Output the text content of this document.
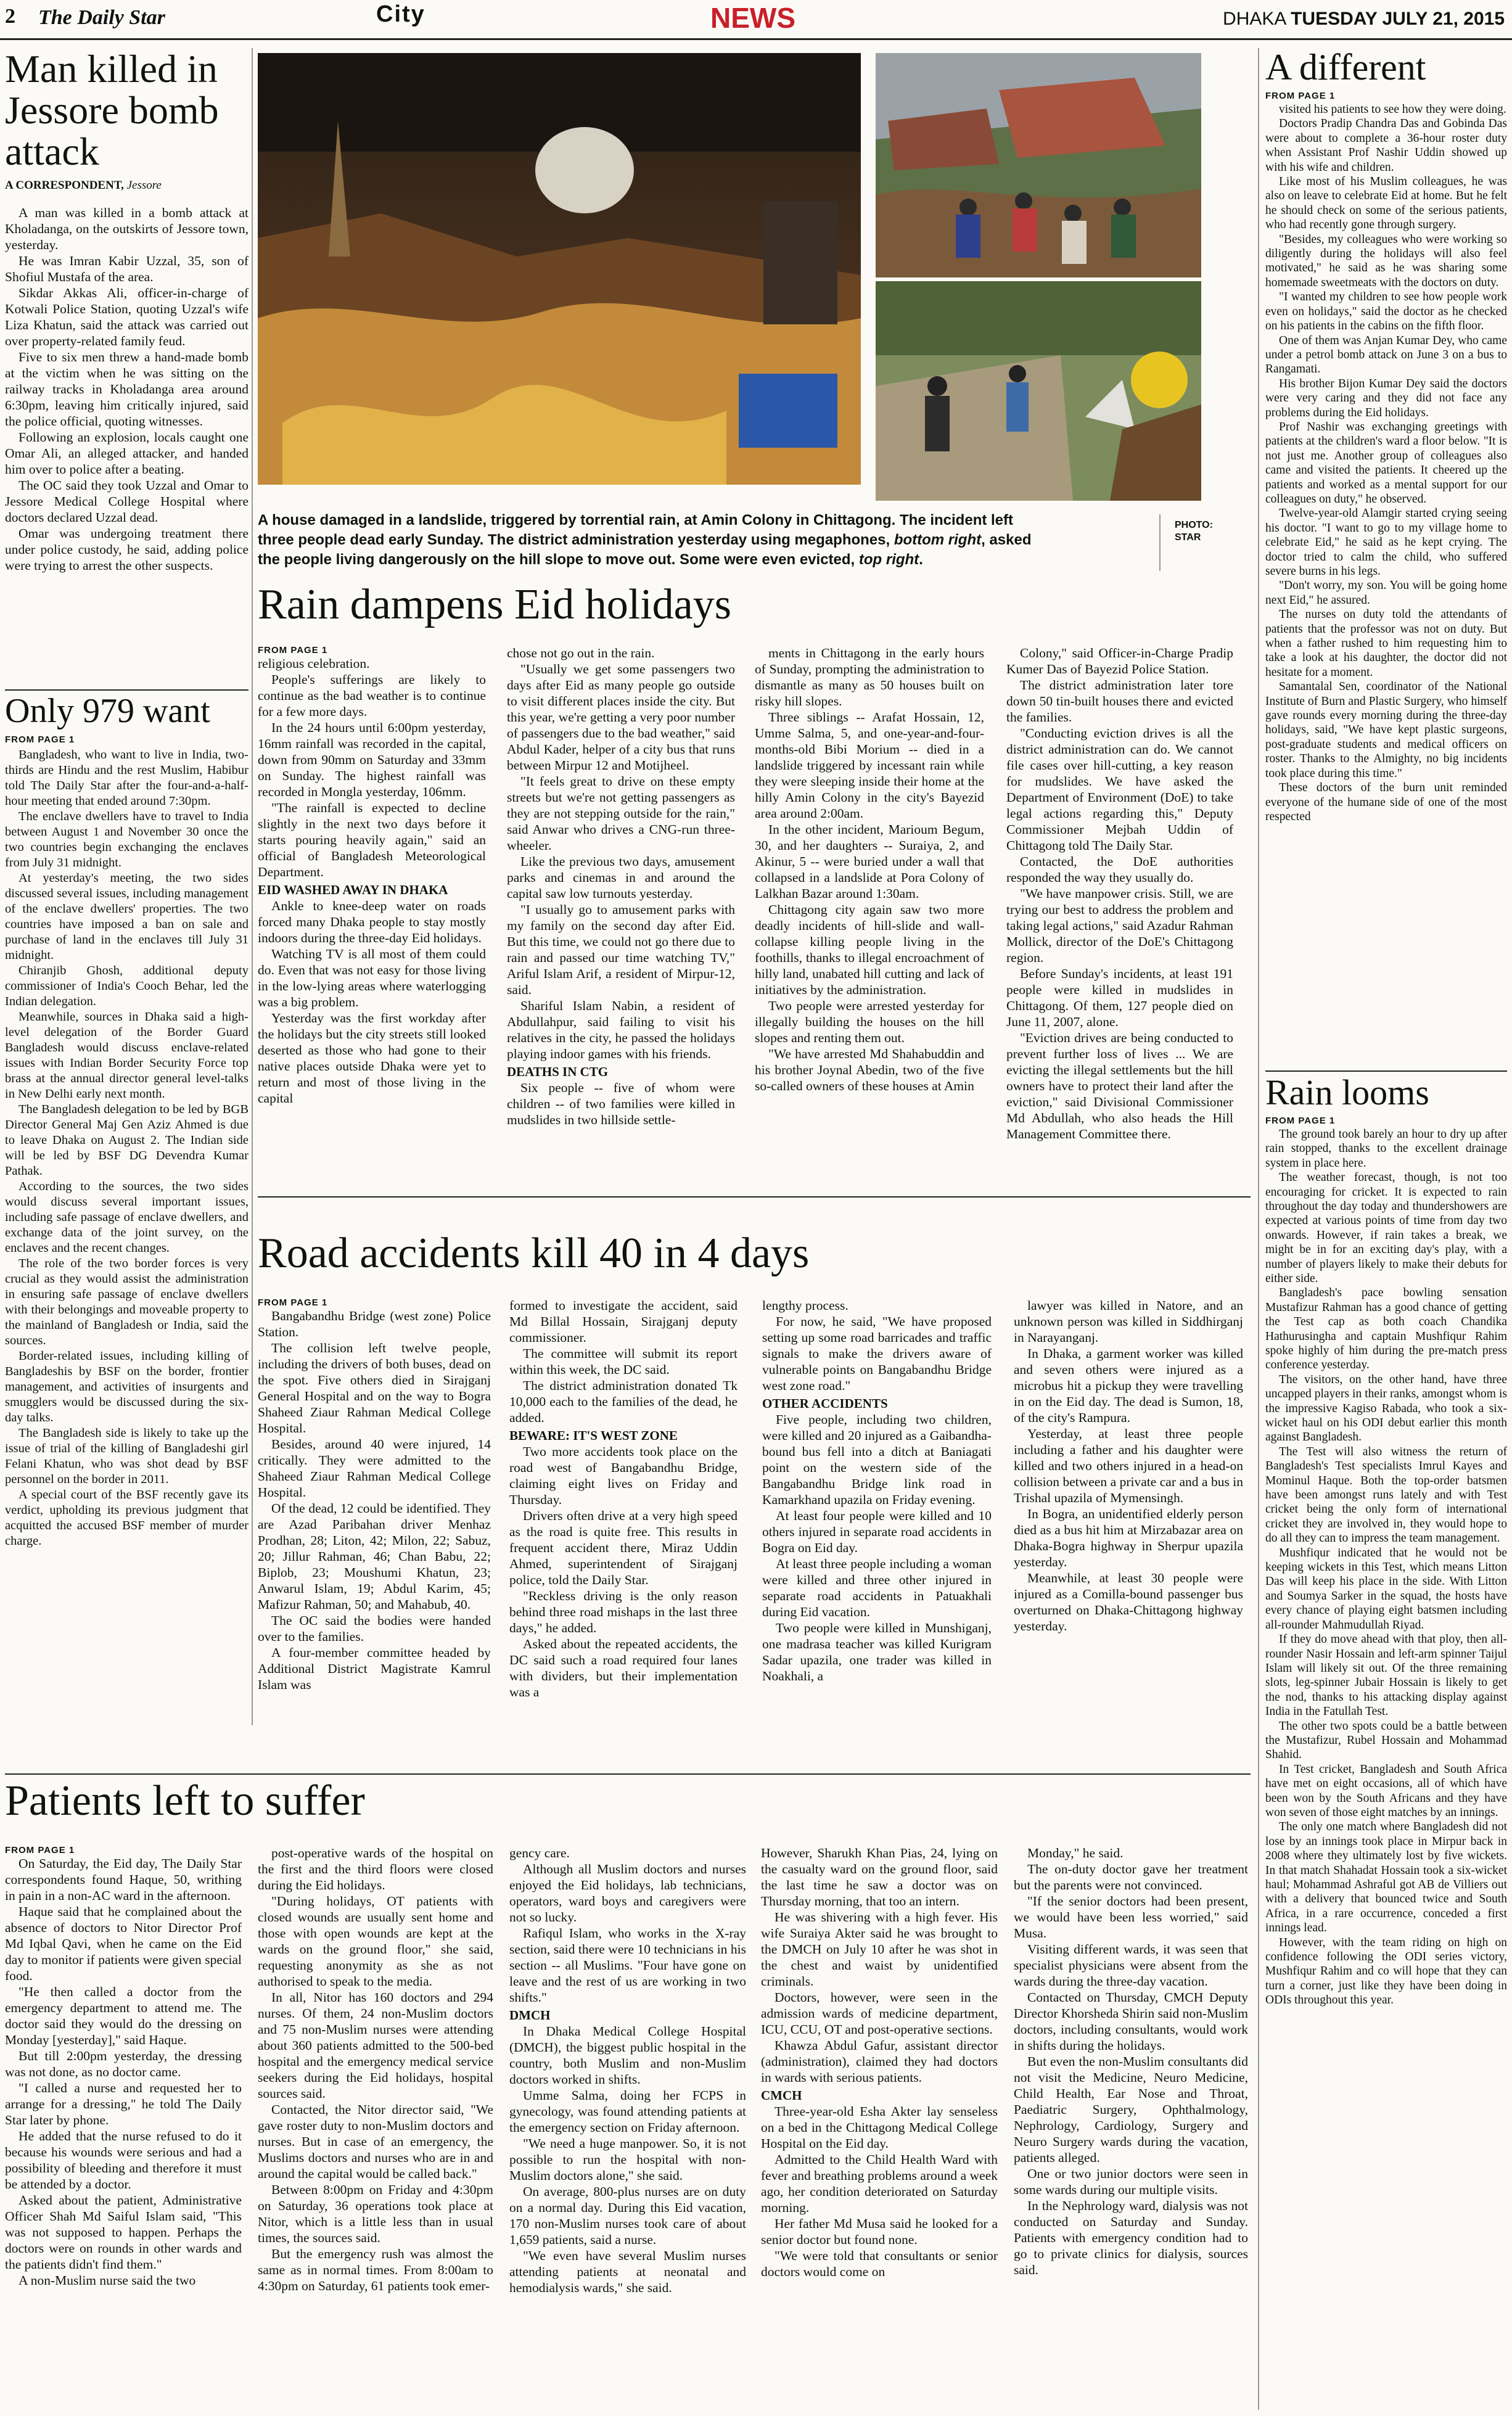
2 The Daily Star	City	NEWS	DHAKA TUESDAY JULY 21, 2015
Man killed in Jessore bomb attack
A CORRESPONDENT, Jessore

A man was killed in a bomb attack at Kholadanga, on the outskirts of Jessore town, yesterday.

He was Imran Kabir Uzzal, 35, son of Shofiul Mustafa of the area.

Sikdar Akkas Ali, officer-in-charge of Kotwali Police Station, quoting Uzzal's wife Liza Khatun, said the attack was carried out over property-related family feud.

Five to six men threw a hand-made bomb at the victim when he was sitting on the railway tracks in Kholadanga area around 6:30pm, leaving him critically injured, said the police official, quoting witnesses.

Following an explosion, locals caught one Omar Ali, an alleged attacker, and handed him over to police after a beating.

The OC said they took Uzzal and Omar to Jessore Medical College Hospital where doctors declared Uzzal dead.

Omar was undergoing treatment there under police custody, he said, adding police were trying to arrest the other suspects.

Only 979 want
FROM PAGE 1

Bangladesh, who want to live in India, two-thirds are Hindu and the rest Muslim, Habibur told The Daily Star after the four-and-a-half-hour meeting that ended around 7:30pm.

The enclave dwellers have to travel to India between August 1 and November 30 once the two countries begin exchanging the enclaves from July 31 midnight.

At yesterday's meeting, the two sides discussed several issues, including management of the enclave dwellers' properties. The two countries have imposed a ban on sale and purchase of land in the enclaves till July 31 midnight.

Chiranjib Ghosh, additional deputy commissioner of India's Cooch Behar, led the Indian delegation.

Meanwhile, sources in Dhaka said a high-level delegation of the Border Guard Bangladesh would discuss enclave-related issues with Indian Border Security Force top brass at the annual director general level-talks in New Delhi early next month.

The Bangladesh delegation to be led by BGB Director General Maj Gen Aziz Ahmed is due to leave Dhaka on August 2. The Indian side will be led by BSF DG Devendra Kumar Pathak.

According to the sources, the two sides would discuss several important issues, including safe passage of enclave dwellers, and exchange data of the joint survey, on the enclaves and the recent changes.

The role of the two border forces is very crucial as they would assist the administration in ensuring safe passage of enclave dwellers with their belongings and moveable property to the mainland of Bangladesh or India, said the sources.

Border-related issues, including killing of Bangladeshis by BSF on the border, frontier management, and activities of insurgents and smugglers would be discussed during the six-day talks.

The Bangladesh side is likely to take up the issue of trial of the killing of Bangladeshi girl Felani Khatun, who was shot dead by BSF personnel on the border in 2011.

A special court of the BSF recently gave its verdict, upholding its previous judgment that acquitted the accused BSF member of murder charge.

A house damaged in a landslide, triggered by torrential rain, at Amin Colony in Chittagong. The incident left three people dead early Sunday. The district administration yesterday using megaphones, bottom right, asked the people living dangerously on the hill slope to move out. Some were even evicted, top right.
PHOTO:
STAR
Rain dampens Eid holidays
FROM PAGE 1

religious celebration.

People's sufferings are likely to continue as the bad weather is to continue for a few more days.

In the 24 hours until 6:00pm yesterday, 16mm rainfall was recorded in the capital, down from 90mm on Saturday and 33mm on Sunday. The highest rainfall was recorded in Mongla yesterday, 106mm.

"The rainfall is expected to decline slightly in the next two days before it starts pouring heavily again," said an official of Bangladesh Meteorological Department.

EID WASHED AWAY IN DHAKA

Ankle to knee-deep water on roads forced many Dhaka people to stay mostly indoors during the three-day Eid holidays.

Watching TV is all most of them could do. Even that was not easy for those living in the low-lying areas where waterlogging was a big problem.

Yesterday was the first workday after the holidays but the city streets still looked deserted as those who had gone to their native places outside Dhaka were yet to return and most of those living in the capital

chose not go out in the rain.

"Usually we get some passengers two days after Eid as many people go outside to visit different places inside the city. But this year, we're getting a very poor number of passengers due to the bad weather," said Abdul Kader, helper of a city bus that runs between Mirpur 12 and Motijheel.

"It feels great to drive on these empty streets but we're not getting passengers as they are not stepping outside for the rain," said Anwar who drives a CNG-run three-wheeler.

Like the previous two days, amusement parks and cinemas in and around the capital saw low turnouts yesterday.

"I usually go to amusement parks with my family on the second day after Eid. But this time, we could not go there due to rain and passed our time watching TV," Ariful Islam Arif, a resident of Mirpur-12, said.

Shariful Islam Nabin, a resident of Abdullahpur, said failing to visit his relatives in the city, he passed the holidays playing indoor games with his friends.

DEATHS IN CTG

Six people -- five of whom were children -- of two families were killed in mudslides in two hillside settle-

ments in Chittagong in the early hours of Sunday, prompting the administration to dismantle as many as 50 houses built on risky hill slopes.

Three siblings -- Arafat Hossain, 12, Umme Salma, 5, and one-year-and-four-months-old Bibi Morium -- died in a landslide triggered by incessant rain while they were sleeping inside their home at the hilly Amin Colony in the city's Bayezid area around 2:00am.

In the other incident, Marioum Begum, 30, and her daughters -- Suraiya, 2, and Akinur, 5 -- were buried under a wall that collapsed in a landslide at Pora Colony of Lalkhan Bazar around 1:30am.

Chittagong city again saw two more deadly incidents of hill-slide and wall-collapse killing people living in the foothills, thanks to illegal encroachment of hilly land, unabated hill cutting and lack of initiatives by the administration.

Two people were arrested yesterday for illegally building the houses on the hill slopes and renting them out.

"We have arrested Md Shahabuddin and his brother Joynal Abedin, two of the five so-called owners of these houses at Amin

Colony," said Officer-in-Charge Pradip Kumer Das of Bayezid Police Station.

The district administration later tore down 50 tin-built houses there and evicted the families.

"Conducting eviction drives is all the district administration can do. We cannot file cases over hill-cutting, a key reason for mudslides. We have asked the Department of Environment (DoE) to take legal actions regarding this," Deputy Commissioner Mejbah Uddin of Chittagong told The Daily Star.

Contacted, the DoE authorities responded the way they usually do.

"We have manpower crisis. Still, we are trying our best to address the problem and taking legal actions," said Azadur Rahman Mollick, director of the DoE's Chittagong region.

Before Sunday's incidents, at least 191 people were killed in mudslides in Chittagong. Of them, 127 people died on June 11, 2007, alone.

"Eviction drives are being conducted to prevent further loss of lives ... We are evicting the illegal settlements but the hill owners have to protect their land after the eviction," said Divisional Commissioner Md Abdullah, who also heads the Hill Management Committee there.

Road accidents kill 40 in 4 days
FROM PAGE 1

Bangabandhu Bridge (west zone) Police Station.

The collision left twelve people, including the drivers of both buses, dead on the spot. Five others died in Sirajganj General Hospital and on the way to Bogra Shaheed Ziaur Rahman Medical College Hospital.

Besides, around 40 were injured, 14 critically. They were admitted to the Shaheed Ziaur Rahman Medical College Hospital.

Of the dead, 12 could be identified. They are Azad Paribahan driver Menhaz Prodhan, 28; Liton, 42; Milon, 22; Sabuz, 20; Jillur Rahman, 46; Chan Babu, 22; Biplob, 23; Moushumi Khatun, 23; Anwarul Islam, 19; Abdul Karim, 45; Mafizur Rahman, 50; and Mahabub, 40.

The OC said the bodies were handed over to the families.

A four-member committee headed by Additional District Magistrate Kamrul Islam was

formed to investigate the accident, said Md Billal Hossain, Sirajganj deputy commissioner.

The committee will submit its report within this week, the DC said.

The district administration donated Tk 10,000 each to the families of the dead, he added.

BEWARE: IT'S WEST ZONE

Two more accidents took place on the road west of Bangabandhu Bridge, claiming eight lives on Friday and Thursday.

Drivers often drive at a very high speed as the road is quite free. This results in frequent accident there, Miraz Uddin Ahmed, superintendent of Sirajganj police, told the Daily Star.

"Reckless driving is the only reason behind three road mishaps in the last three days," he added.

Asked about the repeated accidents, the DC said such a road required four lanes with dividers, but their implementation was a

lengthy process.

For now, he said, "We have proposed setting up some road barricades and traffic signals to make the drivers aware of vulnerable points on Bangabandhu Bridge west zone road."

OTHER ACCIDENTS

Five people, including two children, were killed and 20 injured as a Gaibandha-bound bus fell into a ditch at Baniagati point on the western side of the Bangabandhu Bridge link road in Kamarkhand upazila on Friday evening.

At least four people were killed and 10 others injured in separate road accidents in Bogra on Eid day.

At least three people including a woman were killed and three other injured in separate road accidents in Patuakhali during Eid vacation.

Two people were killed in Munshiganj, one madrasa teacher was killed Kurigram Sadar upazila, one trader was killed in Noakhali, a

lawyer was killed in Natore, and an unknown person was killed in Siddhirganj in Narayanganj.

In Dhaka, a garment worker was killed and seven others were injured as a microbus hit a pickup they were travelling in on the Eid day. The dead is Sumon, 18, of the city's Rampura.

Yesterday, at least three people including a father and his daughter were killed and two others injured in a head-on collision between a private car and a bus in Trishal upazila of Mymensingh.

In Bogra, an unidentified elderly person died as a bus hit him at Mirzabazar area on Dhaka-Bogra highway in Sherpur upazila yesterday.

Meanwhile, at least 30 people were injured as a Comilla-bound passenger bus overturned on Dhaka-Chittagong highway yesterday.

Patients left to suffer
FROM PAGE 1

On Saturday, the Eid day, The Daily Star correspondents found Haque, 50, writhing in pain in a non-AC ward in the afternoon.

Haque said that he complained about the absence of doctors to Nitor Director Prof Md Iqbal Qavi, when he came on the Eid day to monitor if patients were given special food.

"He then called a doctor from the emergency department to attend me. The doctor said they would do the dressing on Monday [yesterday]," said Haque.

But till 2:00pm yesterday, the dressing was not done, as no doctor came.

"I called a nurse and requested her to arrange for a dressing," he told The Daily Star later by phone.

He added that the nurse refused to do it because his wounds were serious and had a possibility of bleeding and therefore it must be attended by a doctor.

Asked about the patient, Administrative Officer Shah Md Saiful Islam said, "This was not supposed to happen. Perhaps the doctors were on rounds in other wards and the patients didn't find them."

A non-Muslim nurse said the two

post-operative wards of the hospital on the first and the third floors were closed during the Eid holidays.

"During holidays, OT patients with closed wounds are usually sent home and those with open wounds are kept at the wards on the ground floor," she said, requesting anonymity as she as not authorised to speak to the media.

In all, Nitor has 160 doctors and 294 nurses. Of them, 24 non-Muslim doctors and 75 non-Muslim nurses were attending about 360 patients admitted to the 500-bed hospital and the emergency medical service seekers during the Eid holidays, hospital sources said.

Contacted, the Nitor director said, "We gave roster duty to non-Muslim doctors and nurses. But in case of an emergency, the Muslims doctors and nurses who are in and around the capital would be called back."

Between 8:00pm on Friday and 4:30pm on Saturday, 36 operations took place at Nitor, which is a little less than in usual times, the sources said.

But the emergency rush was almost the same as in normal times. From 8:00am to 4:30pm on Saturday, 61 patients took emer-

gency care.

Although all Muslim doctors and nurses enjoyed the Eid holidays, lab technicians, operators, ward boys and caregivers were not so lucky.

Rafiqul Islam, who works in the X-ray section, said there were 10 technicians in his section -- all Muslims. "Four have gone on leave and the rest of us are working in two shifts."

DMCH

In Dhaka Medical College Hospital (DMCH), the biggest public hospital in the country, both Muslim and non-Muslim doctors worked in shifts.

Umme Salma, doing her FCPS in gynecology, was found attending patients at the emergency section on Friday afternoon.

"We need a huge manpower. So, it is not possible to run the hospital with non-Muslim doctors alone," she said.

On average, 800-plus nurses are on duty on a normal day. During this Eid vacation, 170 non-Muslim nurses took care of about 1,659 patients, said a nurse.

"We even have several Muslim nurses attending patients at neonatal and hemodialysis wards," she said.

However, Sharukh Khan Pias, 24, lying on the casualty ward on the ground floor, said the last time he saw a doctor was on Thursday morning, that too an intern.

He was shivering with a high fever. His wife Suraiya Akter said he was brought to the DMCH on July 10 after he was shot in the chest and waist by unidentified criminals.

Doctors, however, were seen in the admission wards of medicine department, ICU, CCU, OT and post-operative sections.

Khawza Abdul Gafur, assistant director (administration), claimed they had doctors in wards with serious patients.

CMCH

Three-year-old Esha Akter lay senseless on a bed in the Chittagong Medical College Hospital on the Eid day.

Admitted to the Child Health Ward with fever and breathing problems around a week ago, her condition deteriorated on Saturday morning.

Her father Md Musa said he looked for a senior doctor but found none.

"We were told that consultants or senior doctors would come on

Monday," he said.

The on-duty doctor gave her treatment but the parents were not convinced.

"If the senior doctors had been present, we would have been less worried," said Musa.

Visiting different wards, it was seen that specialist physicians were absent from the wards during the three-day vacation.

Contacted on Thursday, CMCH Deputy Director Khorsheda Shirin said non-Muslim doctors, including consultants, would work in shifts during the holidays.

But even the non-Muslim consultants did not visit the Medicine, Neuro Medicine, Child Health, Ear Nose and Throat, Paediatric Surgery, Ophthalmology, Nephrology, Cardiology, Surgery and Neuro Surgery wards during the vacation, patients alleged.

One or two junior doctors were seen in some wards during our multiple visits.

In the Nephrology ward, dialysis was not conducted on Saturday and Sunday. Patients with emergency condition had to go to private clinics for dialysis, sources said.

A different
FROM PAGE 1

visited his patients to see how they were doing.

Doctors Pradip Chandra Das and Gobinda Das were about to complete a 36-hour roster duty when Assistant Prof Nashir Uddin showed up with his wife and children.

Like most of his Muslim colleagues, he was also on leave to celebrate Eid at home. But he felt he should check on some of the serious patients, who had recently gone through surgery.

"Besides, my colleagues who were working so diligently during the holidays will also feel motivated," he said as he was sharing some homemade sweetmeats with the doctors on duty.

"I wanted my children to see how people work even on holidays," said the doctor as he checked on his patients in the cabins on the fifth floor.

One of them was Anjan Kumar Dey, who came under a petrol bomb attack on June 3 on a bus to Rangamati.

His brother Bijon Kumar Dey said the doctors were very caring and they did not face any problems during the Eid holidays.

Prof Nashir was exchanging greetings with patients at the children's ward a floor below. "It is not just me. Another group of colleagues also came and visited the patients. It cheered up the patients and worked as a mental support for our colleagues on duty," he observed.

Twelve-year-old Alamgir started crying seeing his doctor. "I want to go to my village home to celebrate Eid," he said as he kept crying. The doctor tried to calm the child, who suffered severe burns in his legs.

"Don't worry, my son. You will be going home next Eid," he assured.

The nurses on duty told the attendants of patients that the professor was not on duty. But when a father rushed to him requesting him to take a look at his daughter, the doctor did not hesitate for a moment.

Samantalal Sen, coordinator of the National Institute of Burn and Plastic Surgery, who himself gave rounds every morning during the three-day holidays, said, "We have kept plastic surgeons, post-graduate students and medical officers on roster. Thanks to the Almighty, no big incidents took place during this time."

These doctors of the burn unit reminded everyone of the humane side of one of the most respected

Rain looms
FROM PAGE 1

The ground took barely an hour to dry up after rain stopped, thanks to the excellent drainage system in place here.

The weather forecast, though, is not too encouraging for cricket. It is expected to rain throughout the day today and thundershowers are expected at various points of time from day two onwards. However, if rain takes a break, we might be in for an exciting day's play, with a number of players likely to make their debuts for either side.

Bangladesh's pace bowling sensation Mustafizur Rahman has a good chance of getting the Test cap as both coach Chandika Hathurusingha and captain Mushfiqur Rahim spoke highly of him during the pre-match press conference yesterday.

The visitors, on the other hand, have three uncapped players in their ranks, amongst whom is the impressive Kagiso Rabada, who took a six-wicket haul on his ODI debut earlier this month against Bangladesh.

The Test will also witness the return of Bangladesh's Test specialists Imrul Kayes and Mominul Haque. Both the top-order batsmen have been amongst runs lately and with Test cricket being the only form of international cricket they are involved in, they would hope to do all they can to impress the team management.

Mushfiqur indicated that he would not be keeping wickets in this Test, which means Litton Das will keep his place in the side. With Litton and Soumya Sarker in the squad, the hosts have every chance of playing eight batsmen including all-rounder Mahmudullah Riyad.

If they do move ahead with that ploy, then all-rounder Nasir Hossain and left-arm spinner Taijul Islam will likely sit out. Of the three remaining slots, leg-spinner Jubair Hossain is likely to get the nod, thanks to his attacking display against India in the Fatullah Test.

The other two spots could be a battle between the Mustafizur, Rubel Hossain and Mohammad Shahid.

In Test cricket, Bangladesh and South Africa have met on eight occasions, all of which have been won by the South Africans and they have won seven of those eight matches by an innings.

The only one match where Bangladesh did not lose by an innings took place in Mirpur back in 2008 where they ultimately lost by five wickets. In that match Shahadat Hossain took a six-wicket haul; Mohammad Ashraful got AB de Villiers out with a delivery that bounced twice and South Africa, in a rare occurrence, conceded a first innings lead.

However, with the team riding on high on confidence following the ODI series victory, Mushfiqur Rahim and co will hope that they can turn a corner, just like they have been doing in ODIs throughout this year.
